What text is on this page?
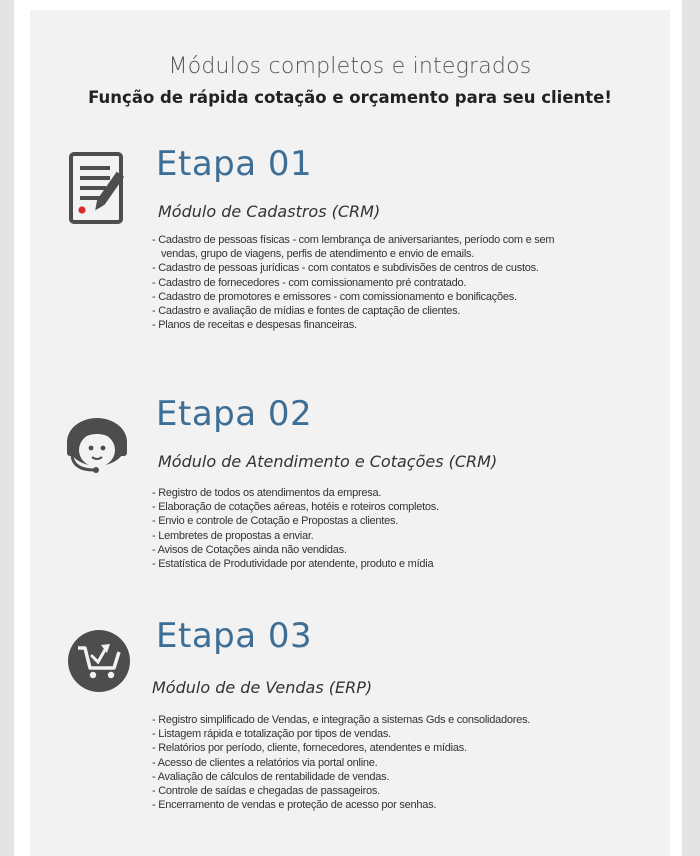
Módulos completos e integrados
Função de rápida cotação e orçamento para seu cliente!
Etapa 01
Módulo de Cadastros (CRM)
- Cadastro de pessoas físicas - com lembrança de aniversariantes, período com e sem vendas, grupo de viagens, perfis de atendimento e envio de emails.
- Cadastro de pessoas jurídicas - com contatos e subdivisões de centros de custos.
- Cadastro de fornecedores - com comissionamento pré contratado.
- Cadastro de promotores e emissores - com comissionamento e bonificações.
- Cadastro e avaliação de mídias e fontes de captação de clientes.
- Planos de receitas e despesas financeiras.
Etapa 02
Módulo de Atendimento e Cotações (CRM)
- Registro de todos os atendimentos da empresa.
- Elaboração de cotações aéreas, hotéis e roteiros completos.
- Envio e controle de Cotação e Propostas a clientes.
- Lembretes de propostas a enviar.
- Avisos de Cotações ainda não vendidas.
- Estatística de Produtividade por atendente, produto e mídia
Etapa 03
Módulo de de Vendas (ERP)
- Registro simplificado de Vendas, e integração a sistemas Gds e consolidadores.
- Listagem rápida e totalização por tipos de vendas.
- Relatórios por período, cliente, fornecedores, atendentes e mídias.
- Acesso de clientes a relatórios via portal online.
- Avaliação de cálculos de rentabilidade de vendas.
- Controle de saídas e chegadas de passageiros.
- Encerramento de vendas e proteção de acesso por senhas.
